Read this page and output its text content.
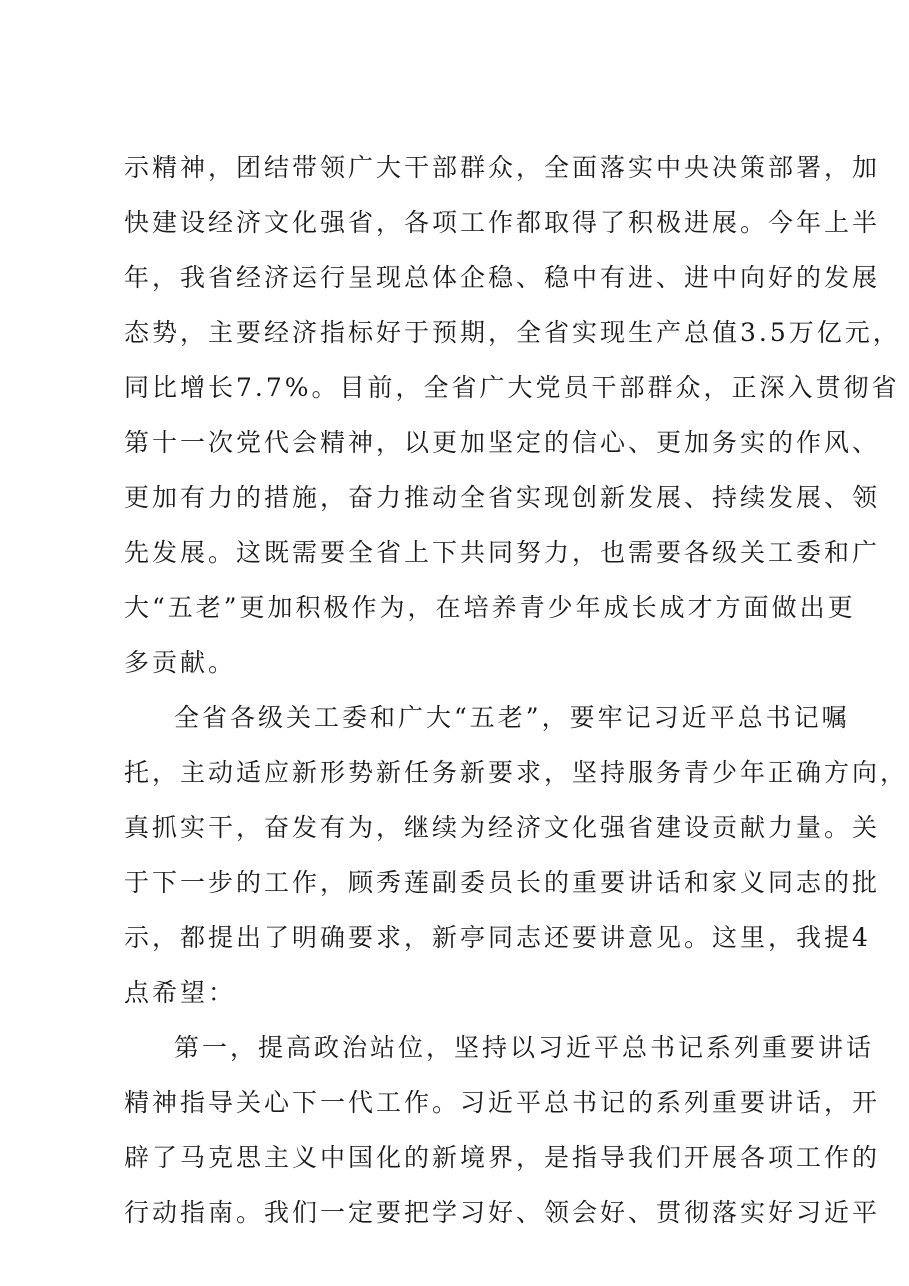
示精神，团结带领广大干部群众，全面落实中央决策部署，加
快建设经济文化强省，各项工作都取得了积极进展。今年上半
年，我省经济运行呈现总体企稳、稳中有进、进中向好的发展
态势，主要经济指标好于预期，全省实现生产总值3.5万亿元，
同比增长7.7%。目前，全省广大党员干部群众，正深入贯彻省
第十一次党代会精神，以更加坚定的信心、更加务实的作风、
更加有力的措施，奋力推动全省实现创新发展、持续发展、领
先发展。这既需要全省上下共同努力，也需要各级关工委和广
大“五老”更加积极作为，在培养青少年成长成才方面做出更
多贡献。
全省各级关工委和广大“五老”，要牢记习近平总书记嘱
托，主动适应新形势新任务新要求，坚持服务青少年正确方向，
真抓实干，奋发有为，继续为经济文化强省建设贡献力量。关
于下一步的工作，顾秀莲副委员长的重要讲话和家义同志的批
示，都提出了明确要求，新亭同志还要讲意见。这里，我提4
点希望：
第一，提高政治站位，坚持以习近平总书记系列重要讲话
精神指导关心下一代工作。习近平总书记的系列重要讲话，开
辟了马克思主义中国化的新境界，是指导我们开展各项工作的
行动指南。我们一定要把学习好、领会好、贯彻落实好习近平
